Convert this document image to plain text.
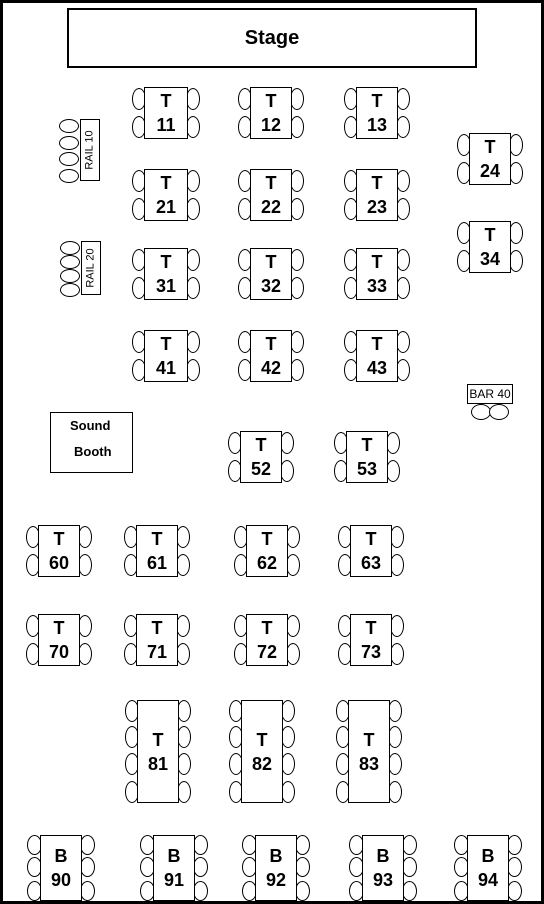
Stage
Sound
Booth
BAR 40
T
11
T
12
T
13
T
21
T
22
T
23
T
24
T
31
T
32
T
33
T
34
T
41
T
42
T
43
T
52
T
53
T
60
T
61
T
62
T
63
T
70
T
71
T
72
T
73
T
81
T
82
T
83
B
90
B
91
B
92
B
93
B
94
RAIL 10
RAIL 20
